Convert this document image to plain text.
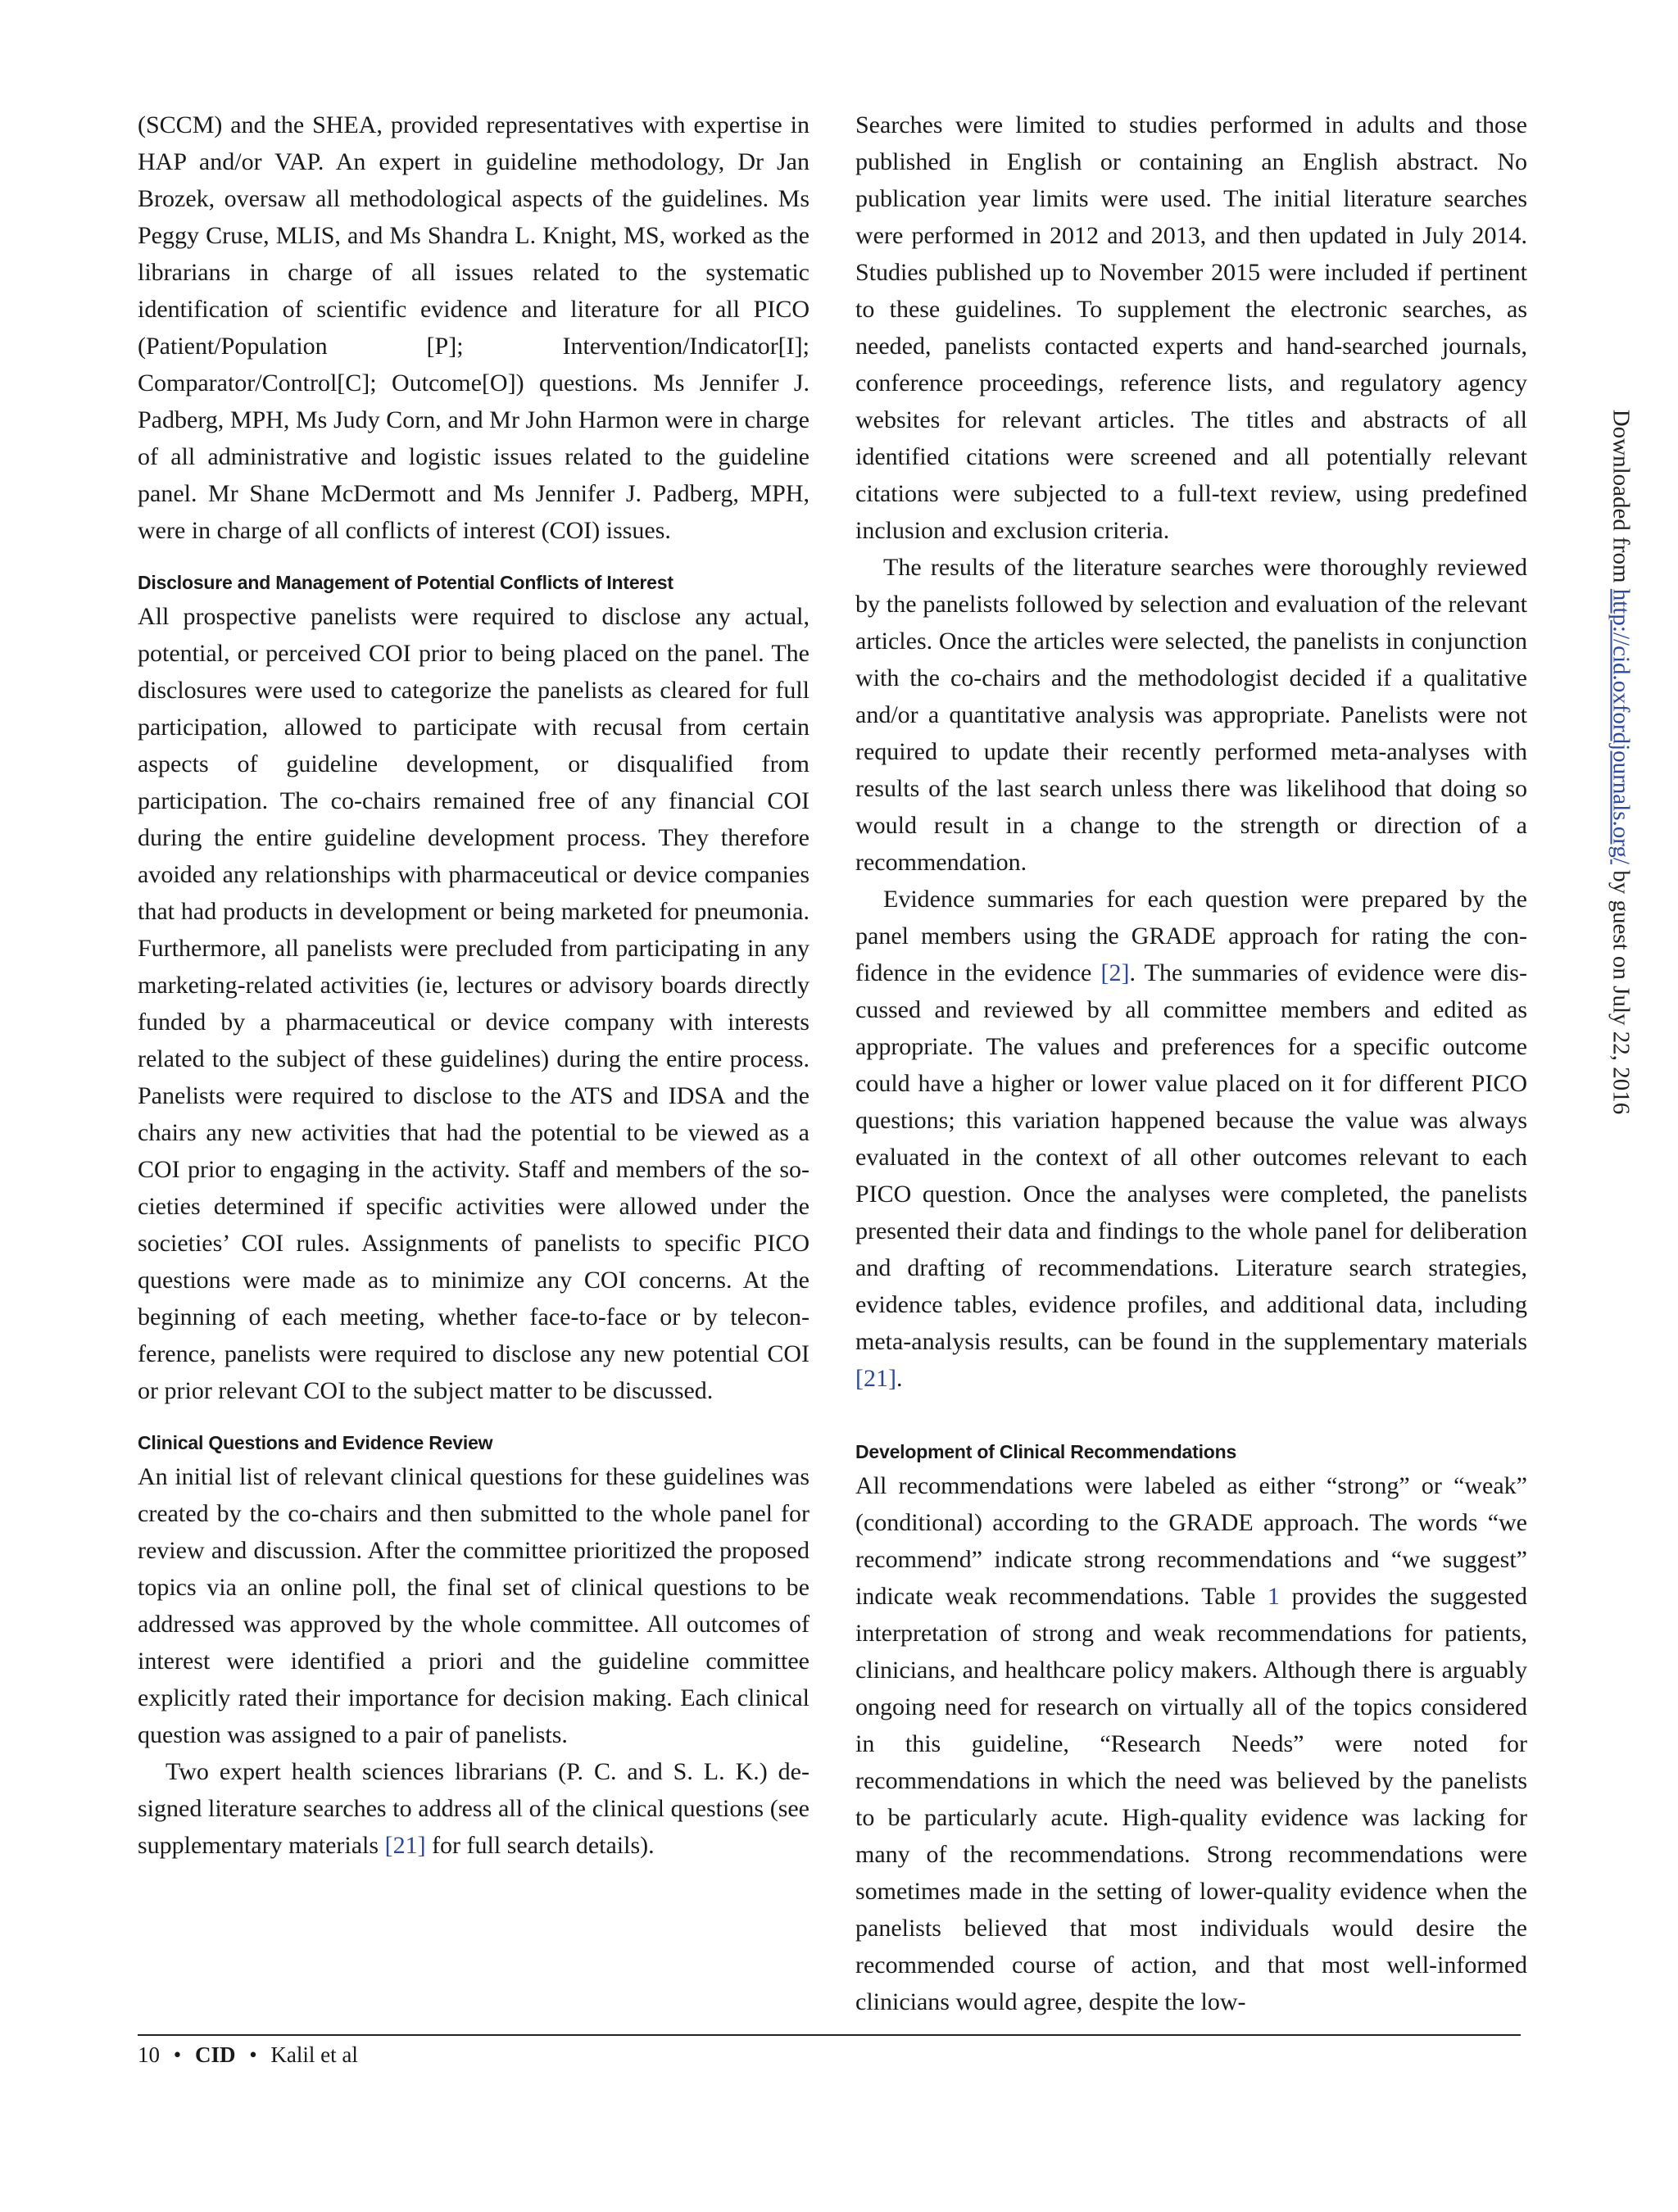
(SCCM) and the SHEA, provided representatives with expertise in HAP and/or VAP. An expert in guideline methodology, Dr Jan Brozek, oversaw all methodological aspects of the guidelines. Ms Peggy Cruse, MLIS, and Ms Shandra L. Knight, MS, worked as the librarians in charge of all issues related to the systematic identification of scientific evidence and literature for all PICO (Patient/Population [P]; Intervention/Indicator[I]; Comparator/Control[C]; Outcome[O]) questions. Ms Jennifer J. Padberg, MPH, Ms Judy Corn, and Mr John Harmon were in charge of all administrative and logistic issues related to the guideline panel. Mr Shane McDermott and Ms Jennifer J. Padberg, MPH, were in charge of all conflicts of interest (COI) issues.

Disclosure and Management of Potential Conflicts of Interest

All prospective panelists were required to disclose any actual, potential, or perceived COI prior to being placed on the panel. The disclosures were used to categorize the panelists as cleared for full participation, allowed to participate with recusal from certain aspects of guideline development, or disqualified from participation. The co-chairs remained free of any financial COI during the entire guideline development process. They therefore avoided any relationships with pharmaceutical or device companies that had products in development or being marketed for pneumonia. Furthermore, all panelists were precluded from participating in any marketing-related activities (ie, lectures or advisory boards directly funded by a pharmaceutical or device company with interests related to the subject of these guidelines) during the entire process. Panelists were required to disclose to the ATS and IDSA and the chairs any new activities that had the potential to be viewed as a COI prior to engaging in the activity. Staff and members of the societies determined if specific activities were allowed under the societies’ COI rules. Assignments of panelists to specific PICO questions were made as to minimize any COI concerns. At the beginning of each meeting, whether face-to-face or by teleconference, panelists were required to disclose any new potential COI or prior relevant COI to the subject matter to be discussed.

Clinical Questions and Evidence Review

An initial list of relevant clinical questions for these guidelines was created by the co-chairs and then submitted to the whole panel for review and discussion. After the committee prioritized the proposed topics via an online poll, the final set of clinical questions to be addressed was approved by the whole committee. All outcomes of interest were identified a priori and the guideline committee explicitly rated their importance for decision making. Each clinical question was assigned to a pair of panelists.

Two expert health sciences librarians (P. C. and S. L. K.) designed literature searches to address all of the clinical questions (see supplementary materials [21] for full search details).

Searches were limited to studies performed in adults and those published in English or containing an English abstract. No publication year limits were used. The initial literature searches were performed in 2012 and 2013, and then updated in July 2014. Studies published up to November 2015 were included if pertinent to these guidelines. To supplement the electronic searches, as needed, panelists contacted experts and hand-searched journals, conference proceedings, reference lists, and regulatory agency websites for relevant articles. The titles and abstracts of all identified citations were screened and all potentially relevant citations were subjected to a full-text review, using predefined inclusion and exclusion criteria.

The results of the literature searches were thoroughly reviewed by the panelists followed by selection and evaluation of the relevant articles. Once the articles were selected, the panelists in conjunction with the co-chairs and the methodologist decided if a qualitative and/or a quantitative analysis was appropriate. Panelists were not required to update their recently performed meta-analyses with results of the last search unless there was likelihood that doing so would result in a change to the strength or direction of a recommendation.

Evidence summaries for each question were prepared by the panel members using the GRADE approach for rating the confidence in the evidence [2]. The summaries of evidence were discussed and reviewed by all committee members and edited as appropriate. The values and preferences for a specific outcome could have a higher or lower value placed on it for different PICO questions; this variation happened because the value was always evaluated in the context of all other outcomes relevant to each PICO question. Once the analyses were completed, the panelists presented their data and findings to the whole panel for deliberation and drafting of recommendations. Literature search strategies, evidence tables, evidence profiles, and additional data, including meta-analysis results, can be found in the supplementary materials [21].

Development of Clinical Recommendations

All recommendations were labeled as either “strong” or “weak” (conditional) according to the GRADE approach. The words “we recommend” indicate strong recommendations and “we suggest” indicate weak recommendations. Table 1 provides the suggested interpretation of strong and weak recommendations for patients, clinicians, and healthcare policy makers. Although there is arguably ongoing need for research on virtually all of the topics considered in this guideline, “Research Needs” were noted for recommendations in which the need was believed by the panelists to be particularly acute. High-quality evidence was lacking for many of the recommendations. Strong recommendations were sometimes made in the setting of lower-quality evidence when the panelists believed that most individuals would desire the recommended course of action, and that most well-informed clinicians would agree, despite the low-

10 • CID • Kalil et al
Downloaded from http://cid.oxfordjournals.org/ by guest on July 22, 2016
